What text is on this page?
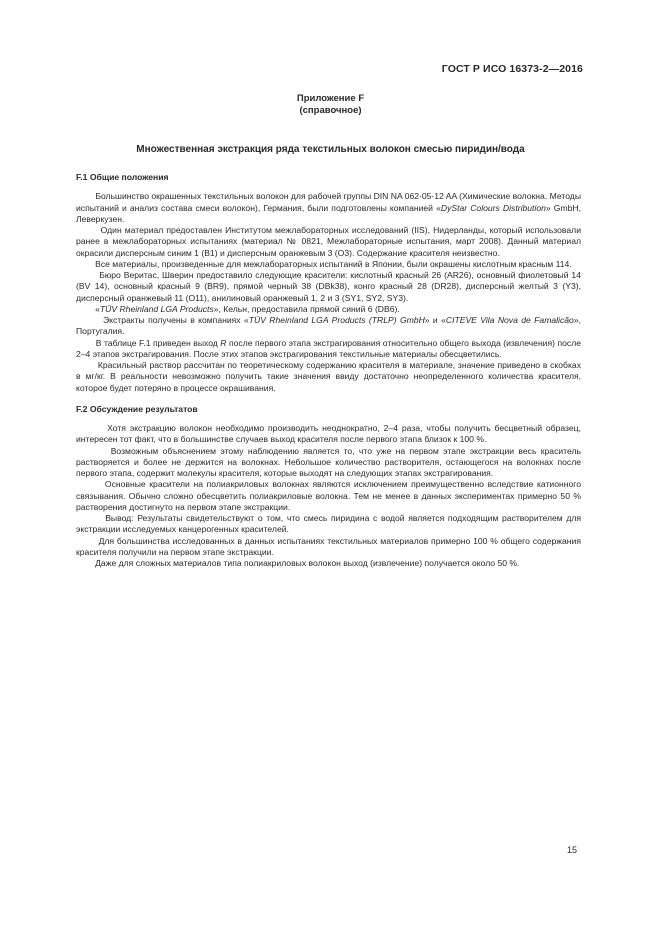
ГОСТ Р ИСО 16373-2—2016
Приложение F
(справочное)
Множественная экстракция ряда текстильных волокон смесью пиридин/вода
F.1 Общие положения

Большинство окрашенных текстильных волокон для рабочей группы DIN NA 062-05-12 AA (Химические волокна. Методы испытаний и анализ состава смеси волокон), Германия, были подготовлены компанией «DyStar Colours Distribution» GmbH, Леверкузен.

Один материал предоставлен Институтом межлабораторных исследований (IIS), Нидерланды, который использовали ранее в межлабораторных испытаниях (материал № 0821, Межлабораторные испытания, март 2008). Данный материал окрасили дисперсным синим 1 (B1) и дисперсным оранжевым 3 (O3). Содержание красителя неизвестно.

Все материалы, произведенные для межлабораторных испытаний в Японии, были окрашены кислотным красным 114.

Бюро Веритас, Шверин предоставило следующие красители: кислотный красный 26 (AR26), основный фиолетовый 14 (BV 14), основный красный 9 (BR9), прямой черный 38 (DBk38), конго красный 28 (DR28), дисперсный желтый 3 (Y3), дисперсный оранжевый 11 (O11), анилиновый оранжевый 1, 2 и 3 (SY1, SY2, SY3).

«TÜV Rheinland LGA Products», Кельн, предоставила прямой синий 6 (DB6).

Экстракты получены в компаниях «TÜV Rheinland LGA Products (TRLP) GmbH» и «CITEVE Vila Nova de Famalicão», Португалия.

В таблице F.1 приведен выход R после первого этапа экстрагирования относительно общего выхода (извлечения) после 2–4 этапов экстрагирования. После этих этапов экстрагирования текстильные материалы обесцветились.

Красильный раствор рассчитан по теоретическому содержанию красителя в материале, значение приведено в скобках в мг/кг. В реальности невозможно получить такие значения ввиду достаточно неопределенного количества красителя, которое будет потеряно в процессе окрашивания.

F.2 Обсуждение результатов

Хотя экстракцию волокон необходимо производить неоднократно, 2–4 раза, чтобы получить бесцветный образец, интересен тот факт, что в большинстве случаев выход красителя после первого этапа близок к 100 %.

Возможным объяснением этому наблюдению является то, что уже на первом этапе экстракции весь краситель растворяется и более не держится на волокнах. Небольшое количество растворителя, остающегося на волокнах после первого этапа, содержит молекулы красителя, которые выходят на следующих этапах экстрагирования.

Основные красители на полиакриловых волокнах являются исключением преимущественно вследствие катионного связывания. Обычно сложно обесцветить полиакриловые волокна. Тем не менее в данных экспериментах примерно 50 % растворения достигнуто на первом этапе экстракции.

Вывод: Результаты свидетельствуют о том, что смесь пиридина с водой является подходящим растворителем для экстракции исследуемых канцерогенных красителей.

Для большинства исследованных в данных испытаниях текстильных материалов примерно 100 % общего содержания красителя получили на первом этапе экстракции.

Даже для сложных материалов типа полиакриловых волокон выход (извлечение) получается около 50 %.

15
